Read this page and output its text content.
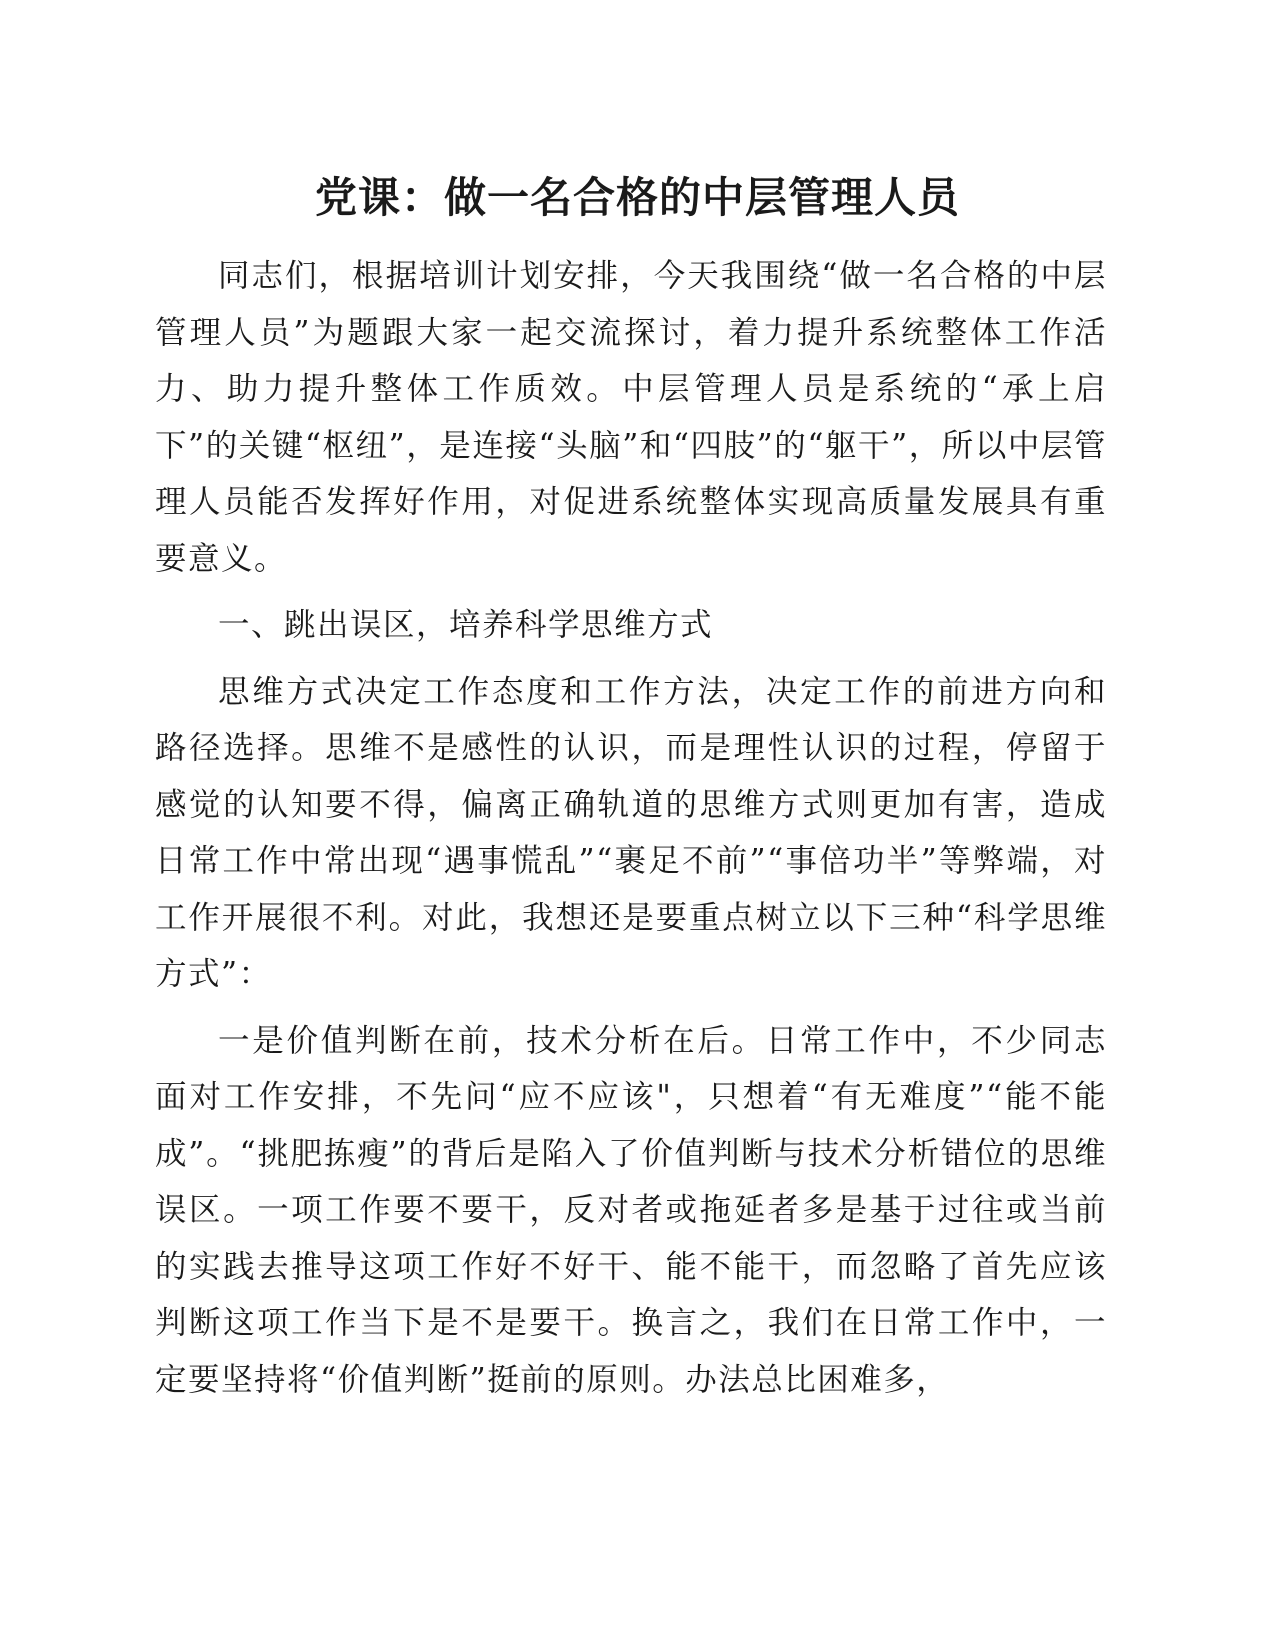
党课：做一名合格的中层管理人员

同志们，根据培训计划安排，今天我围绕“做一名合格的中层管理人员”为题跟大家一起交流探讨，着力提升系统整体工作活力、助力提升整体工作质效。中层管理人员是系统的“承上启下”的关键“枢纽”，是连接“头脑”和“四肢”的“躯干”，所以中层管理人员能否发挥好作用，对促进系统整体实现高质量发展具有重要意义。

一、跳出误区，培养科学思维方式

思维方式决定工作态度和工作方法，决定工作的前进方向和路径选择。思维不是感性的认识，而是理性认识的过程，停留于感觉的认知要不得，偏离正确轨道的思维方式则更加有害，造成日常工作中常出现“遇事慌乱”“裹足不前”“事倍功半”等弊端，对工作开展很不利。对此，我想还是要重点树立以下三种“科学思维方式”：

一是价值判断在前，技术分析在后。日常工作中，不少同志面对工作安排，不先问“应不应该"，只想着“有无难度”“能不能成”。“挑肥拣瘦”的背后是陷入了价值判断与技术分析错位的思维误区。一项工作要不要干，反对者或拖延者多是基于过往或当前的实践去推导这项工作好不好干、能不能干，而忽略了首先应该判断这项工作当下是不是要干。换言之，我们在日常工作中，一定要坚持将“价值判断”挺前的原则。办法总比困难多，
